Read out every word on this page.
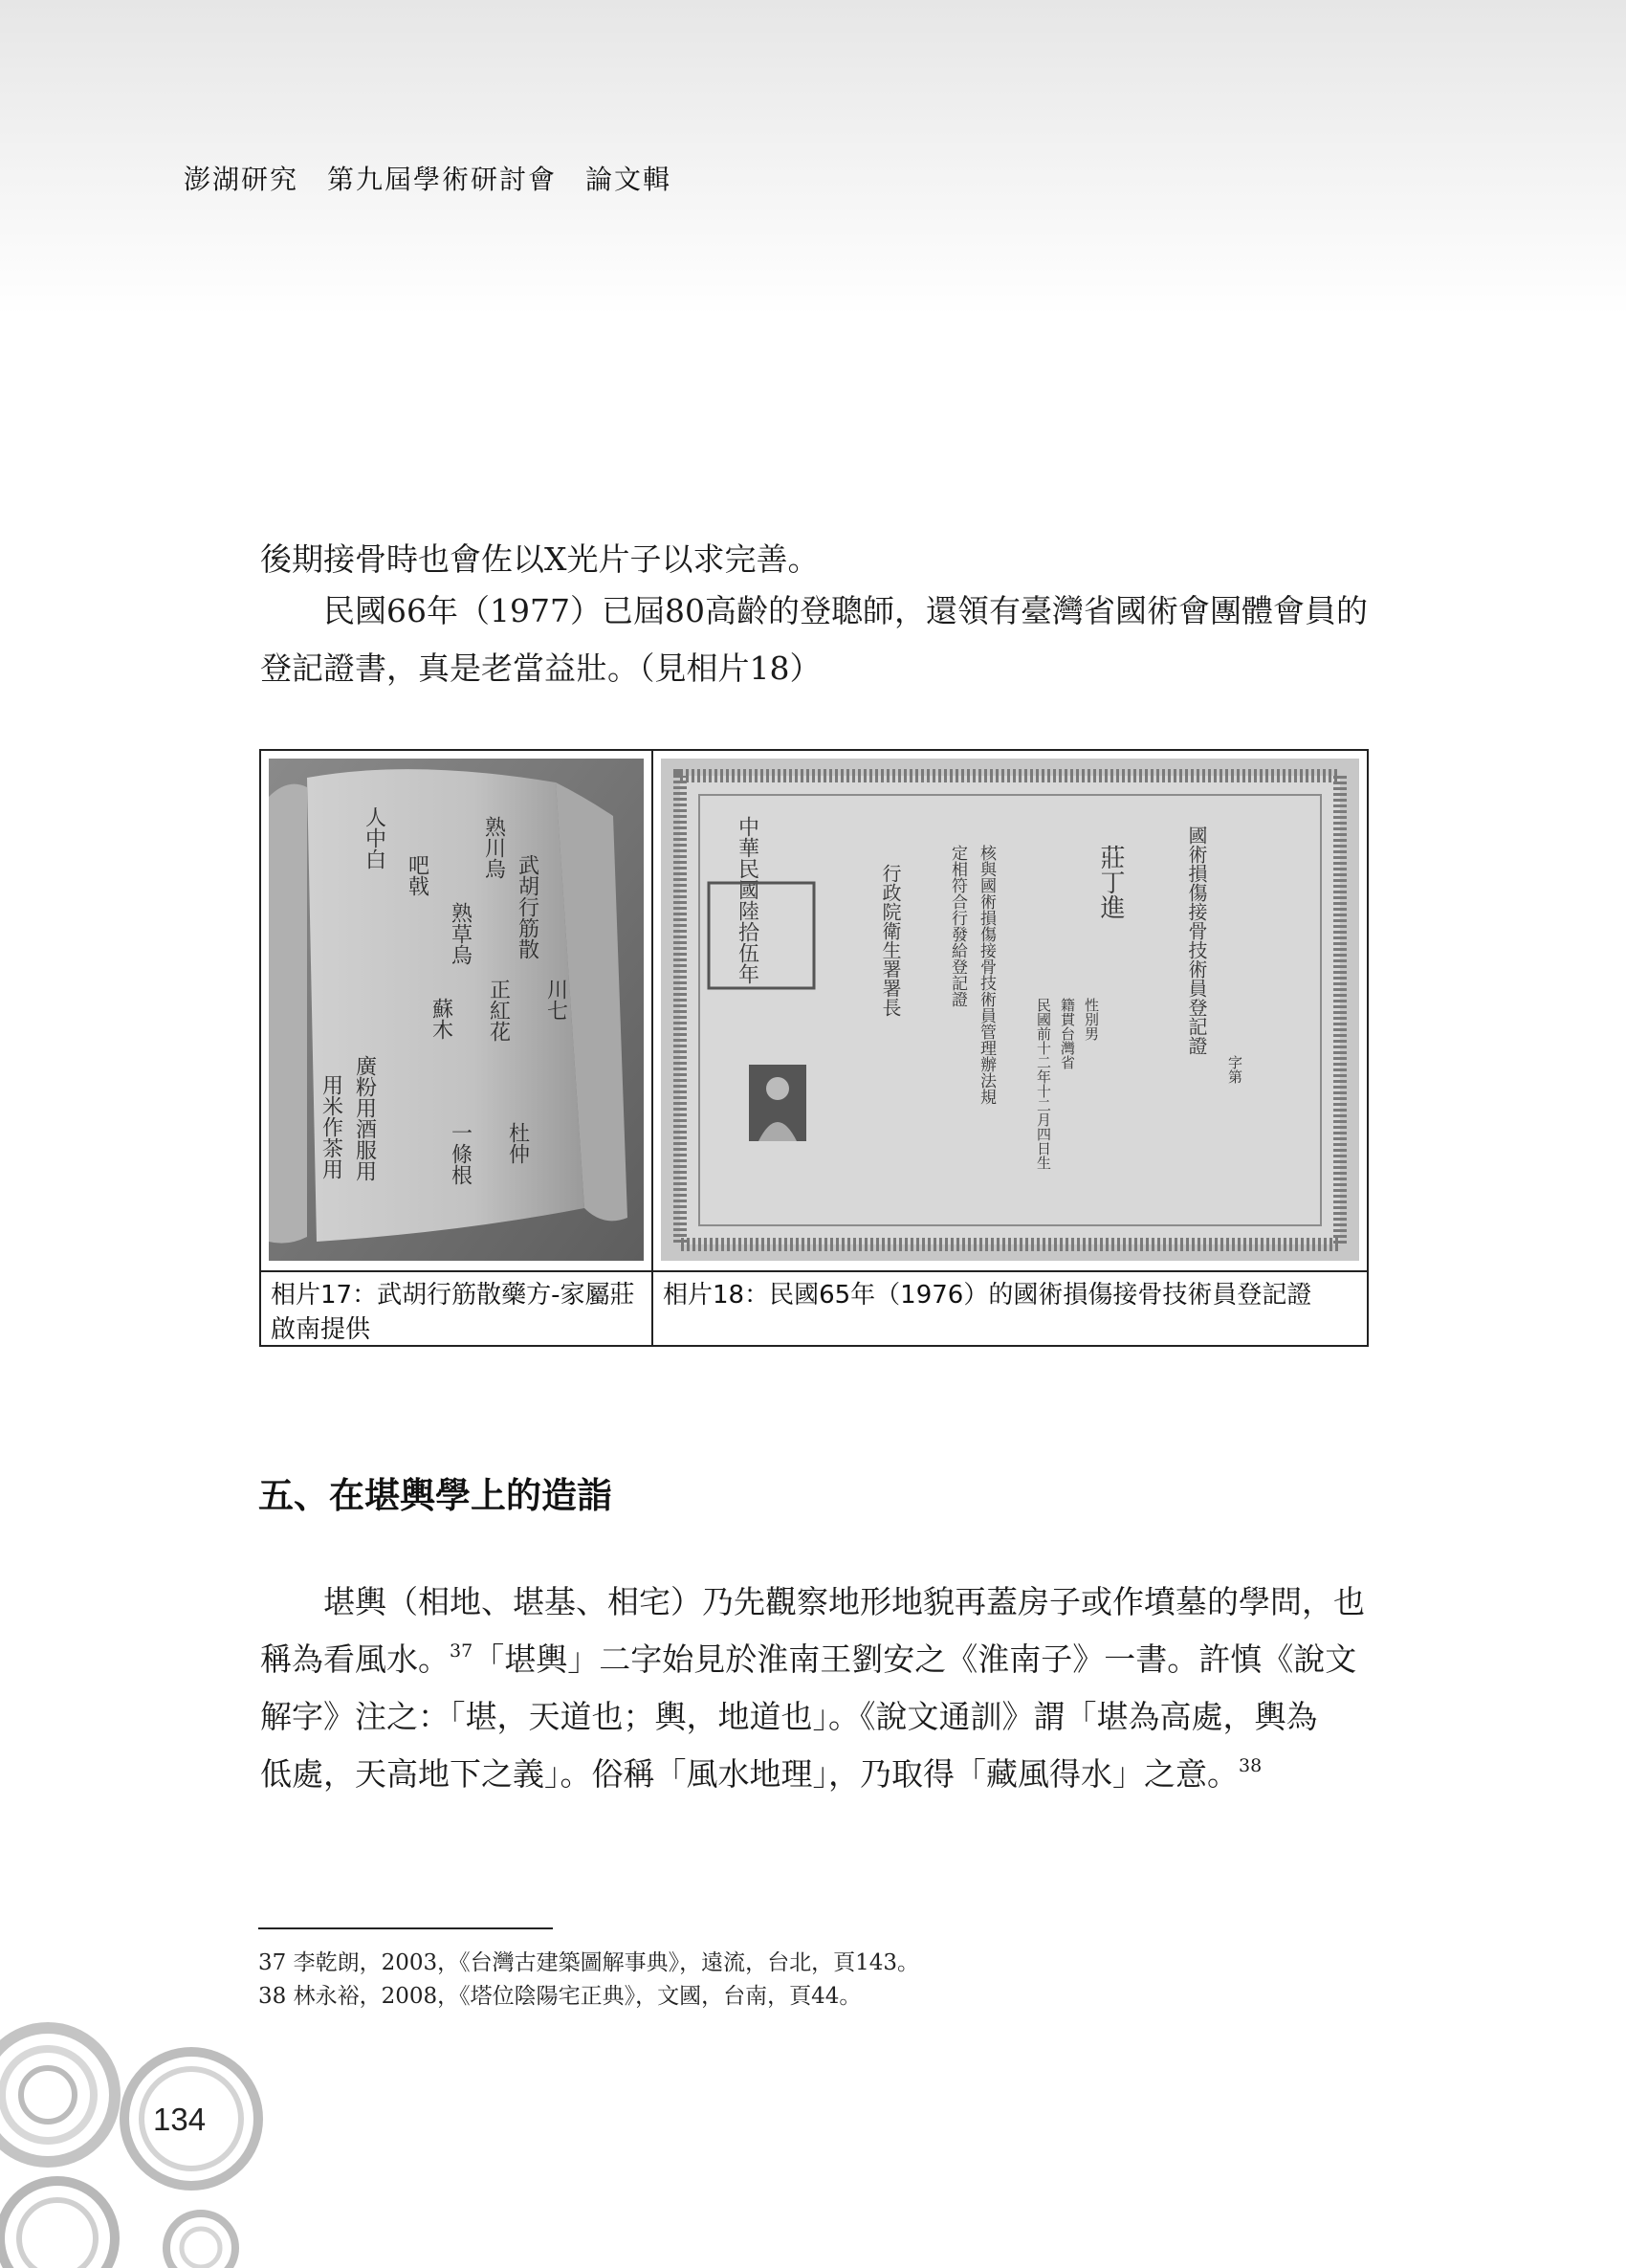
澎湖研究　第九屆學術研討會　論文輯

後期接骨時也會佐以X光片子以求完善。

民國66年（1977）已屆80高齡的登聰師，還領有臺灣省國術會團體會員的
登記證書，真是老當益壯。（見相片18）

武胡行筋散
熟川烏
熟草烏
川七
正紅花
蘇木
吧戟
人中白
廣粉用酒服用
用米作茶用	杜仲
一條根
相片17：武胡行筋散藥方-家屬莊啟南提供
國術損傷接骨技術員登記證
莊丁進
性別男
籍貫台灣省
民國前十二年十二月四日生
核與國術損傷接骨技術員管理辦法規
定相符合行發給登記證
行政院衛生署署長
中華民國陸拾伍年
字第
相片18：民國65年（1976）的國術損傷接骨技術員登記證
五、在堪輿學上的造詣

堪輿（相地、堪基、相宅）乃先觀察地形地貌再蓋房子或作墳墓的學問，也
稱為看風水。$^{37}$「堪輿」二字始見於淮南王劉安之《淮南子》一書。許慎《說文
解字》注之：「堪，天道也；輿，地道也」。《說文通訓》謂「堪為高處，輿為
低處，天高地下之義」。俗稱「風水地理」，乃取得「藏風得水」之意。$^{38}$

37 李乾朗，2003，《台灣古建築圖解事典》，遠流，台北，頁143。
38 林永裕，2008，《塔位陰陽宅正典》，文國，台南，頁44。
134
